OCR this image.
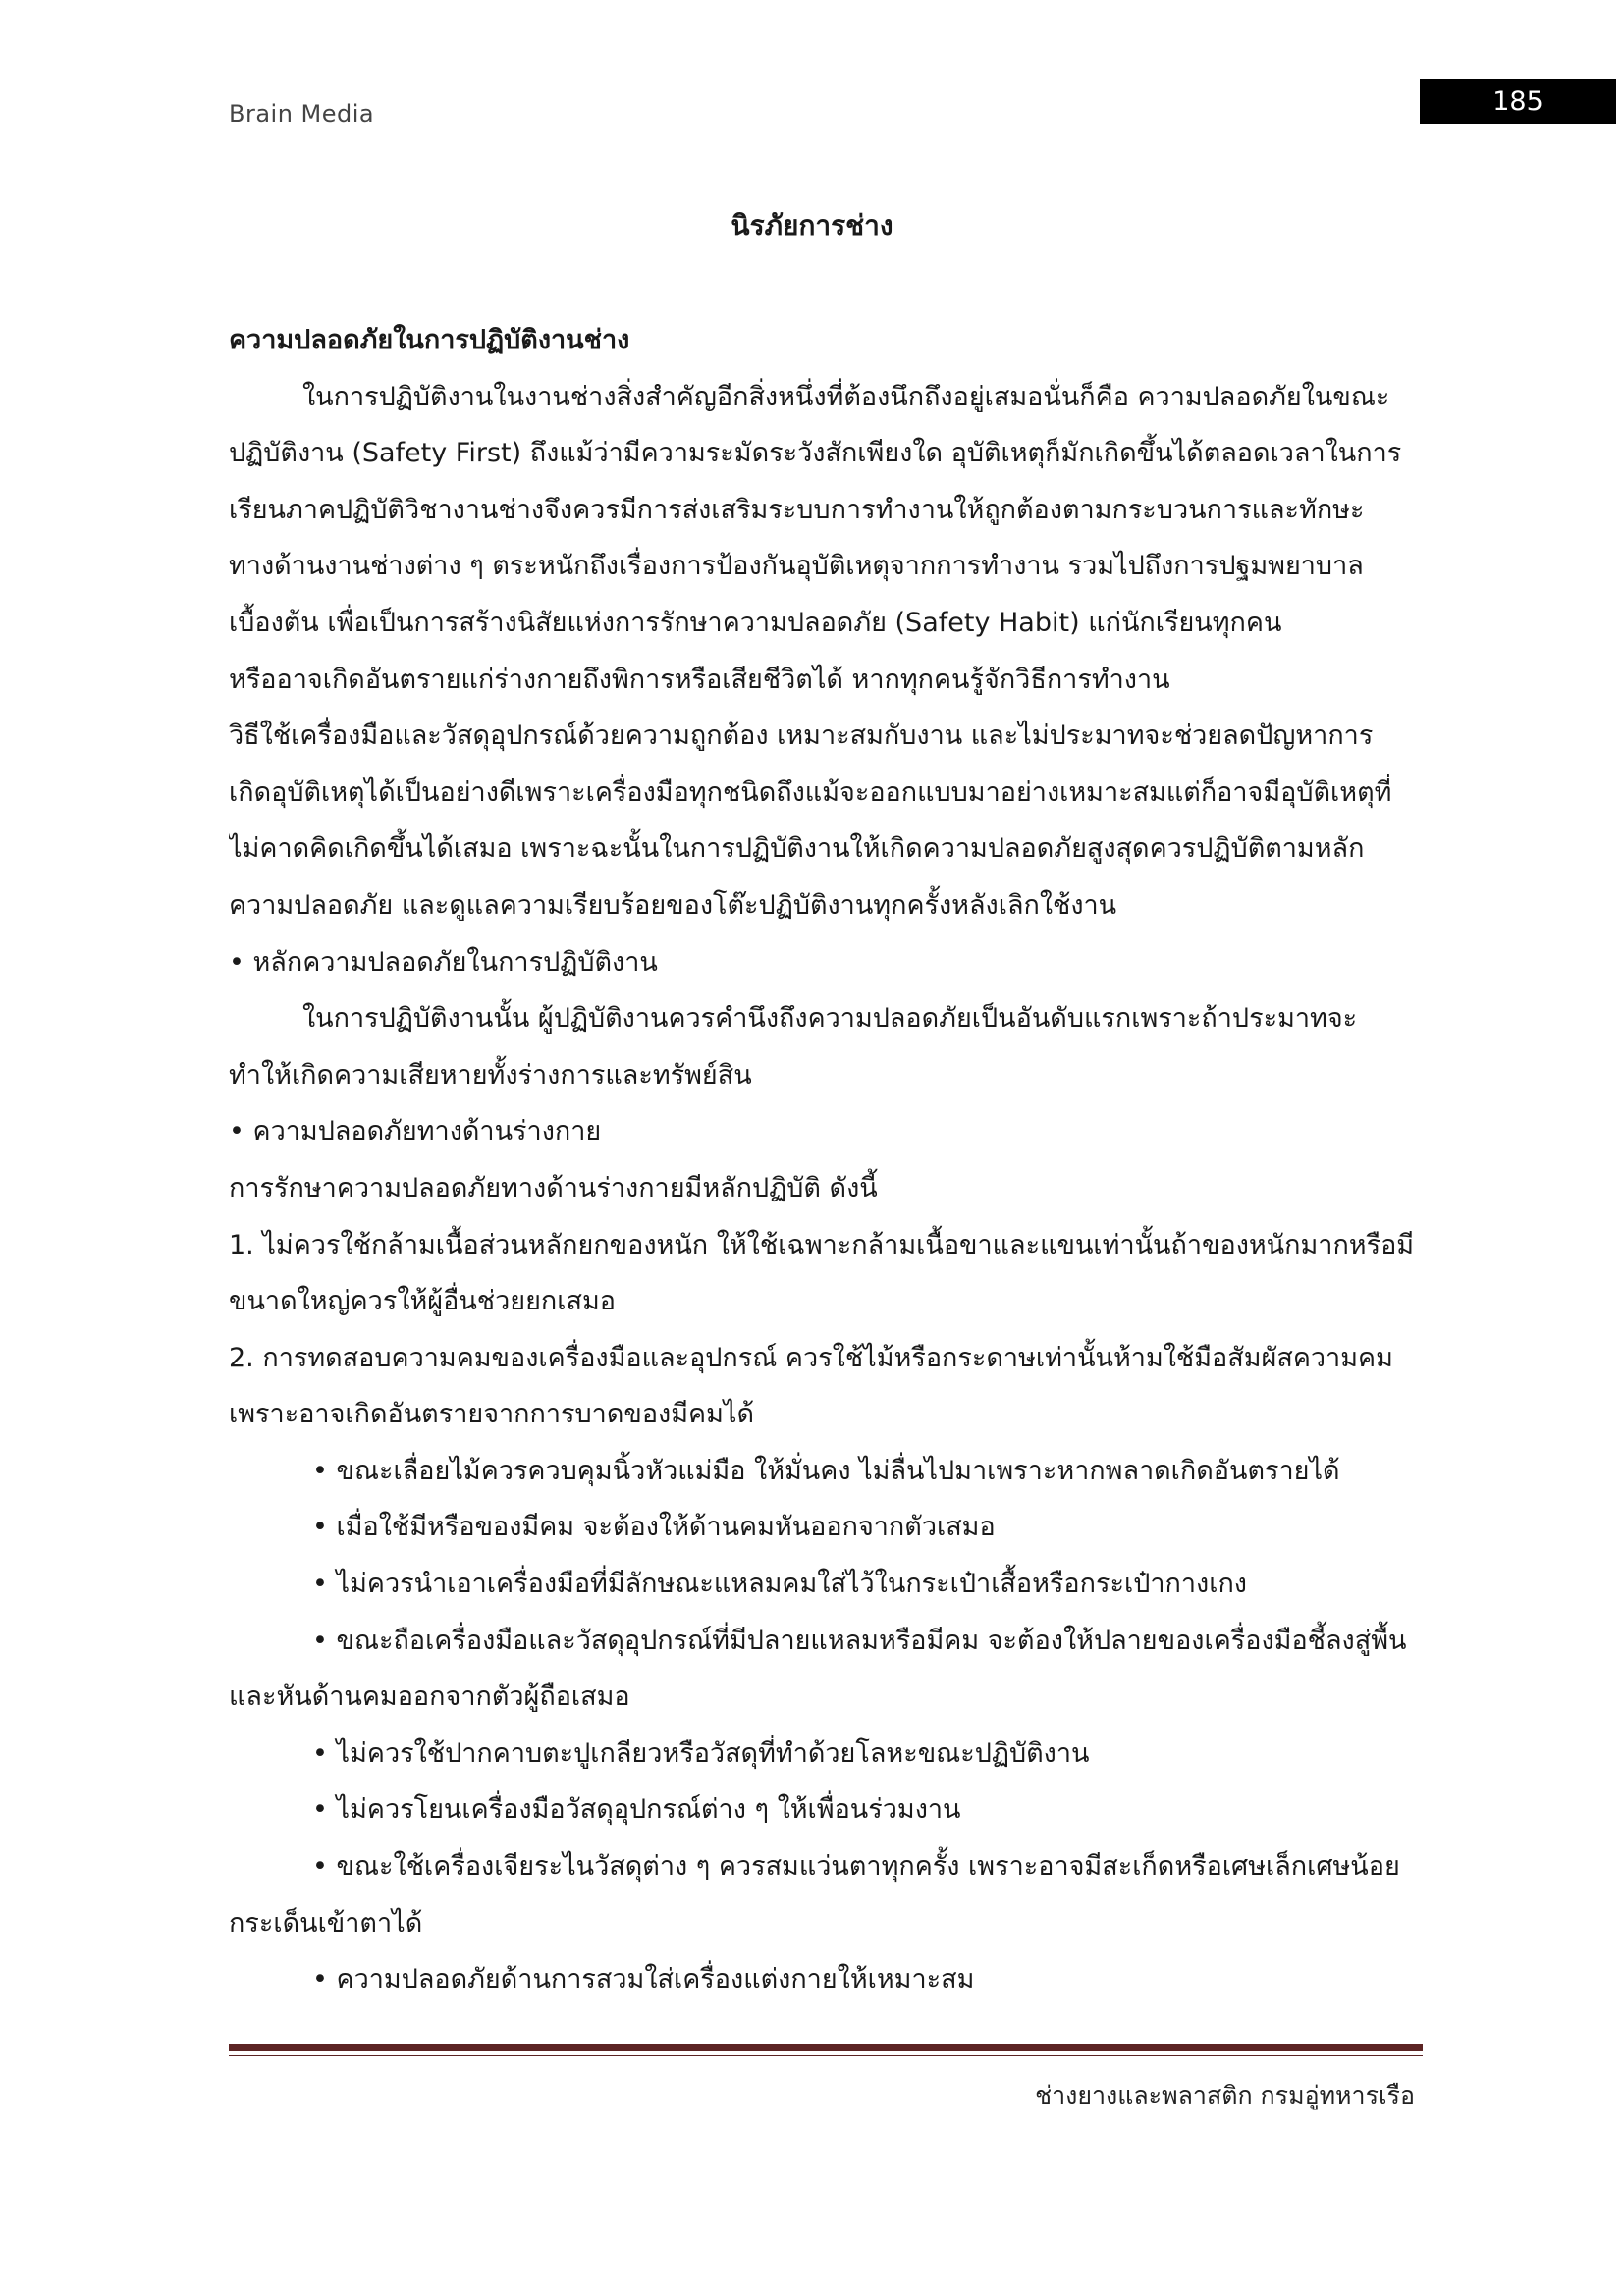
Brain Media	185
นิรภัยการช่าง
ความปลอดภัยในการปฏิบัติงานช่าง
ในการปฏิบัติงานในงานช่างสิ่งสำคัญอีกสิ่งหนึ่งที่ต้องนึกถึงอยู่เสมอนั่นก็คือ ความปลอดภัยในขณะ
ปฏิบัติงาน (Safety First) ถึงแม้ว่ามีความระมัดระวังสักเพียงใด อุบัติเหตุก็มักเกิดขึ้นได้ตลอดเวลาในการ
เรียนภาคปฏิบัติวิชางานช่างจึงควรมีการส่งเสริมระบบการทำงานให้ถูกต้องตามกระบวนการและทักษะ
ทางด้านงานช่างต่าง ๆ ตระหนักถึงเรื่องการป้องกันอุบัติเหตุจากการทำงาน รวมไปถึงการปฐมพยาบาล
เบื้องต้น เพื่อเป็นการสร้างนิสัยแห่งการรักษาความปลอดภัย (Safety Habit) แก่นักเรียนทุกคน
หรืออาจเกิดอันตรายแก่ร่างกายถึงพิการหรือเสียชีวิตได้ หากทุกคนรู้จักวิธีการทำงาน
วิธีใช้เครื่องมือและวัสดุอุปกรณ์ด้วยความถูกต้อง เหมาะสมกับงาน และไม่ประมาทจะช่วยลดปัญหาการ
เกิดอุบัติเหตุได้เป็นอย่างดีเพราะเครื่องมือทุกชนิดถึงแม้จะออกแบบมาอย่างเหมาะสมแต่ก็อาจมีอุบัติเหตุที่
ไม่คาดคิดเกิดขึ้นได้เสมอ เพราะฉะนั้นในการปฏิบัติงานให้เกิดความปลอดภัยสูงสุดควรปฏิบัติตามหลัก
ความปลอดภัย และดูแลความเรียบร้อยของโต๊ะปฏิบัติงานทุกครั้งหลังเลิกใช้งาน
• หลักความปลอดภัยในการปฏิบัติงาน
ในการปฏิบัติงานนั้น ผู้ปฏิบัติงานควรคำนึงถึงความปลอดภัยเป็นอันดับแรกเพราะถ้าประมาทจะ
ทำให้เกิดความเสียหายทั้งร่างการและทรัพย์สิน
• ความปลอดภัยทางด้านร่างกาย
การรักษาความปลอดภัยทางด้านร่างกายมีหลักปฏิบัติ ดังนี้
1. ไม่ควรใช้กล้ามเนื้อส่วนหลักยกของหนัก ให้ใช้เฉพาะกล้ามเนื้อขาและแขนเท่านั้นถ้าของหนักมากหรือมี
ขนาดใหญ่ควรให้ผู้อื่นช่วยยกเสมอ
2. การทดสอบความคมของเครื่องมือและอุปกรณ์ ควรใช้ไม้หรือกระดาษเท่านั้นห้ามใช้มือสัมผัสความคม
เพราะอาจเกิดอันตรายจากการบาดของมีคมได้
• ขณะเลื่อยไม้ควรควบคุมนิ้วหัวแม่มือ ให้มั่นคง ไม่ลื่นไปมาเพราะหากพลาดเกิดอันตรายได้
• เมื่อใช้มีหรือของมีคม จะต้องให้ด้านคมหันออกจากตัวเสมอ
• ไม่ควรนำเอาเครื่องมือที่มีลักษณะแหลมคมใส่ไว้ในกระเป๋าเสื้อหรือกระเป๋ากางเกง
• ขณะถือเครื่องมือและวัสดุอุปกรณ์ที่มีปลายแหลมหรือมีคม จะต้องให้ปลายของเครื่องมือชี้ลงสู่พื้น
และหันด้านคมออกจากตัวผู้ถือเสมอ
• ไม่ควรใช้ปากคาบตะปูเกลียวหรือวัสดุที่ทำด้วยโลหะขณะปฏิบัติงาน
• ไม่ควรโยนเครื่องมือวัสดุอุปกรณ์ต่าง ๆ ให้เพื่อนร่วมงาน
• ขณะใช้เครื่องเจียระไนวัสดุต่าง ๆ ควรสมแว่นตาทุกครั้ง เพราะอาจมีสะเก็ดหรือเศษเล็กเศษน้อย
กระเด็นเข้าตาได้
• ความปลอดภัยด้านการสวมใส่เครื่องแต่งกายให้เหมาะสม
ช่างยางและพลาสติก กรมอู่ทหารเรือ
